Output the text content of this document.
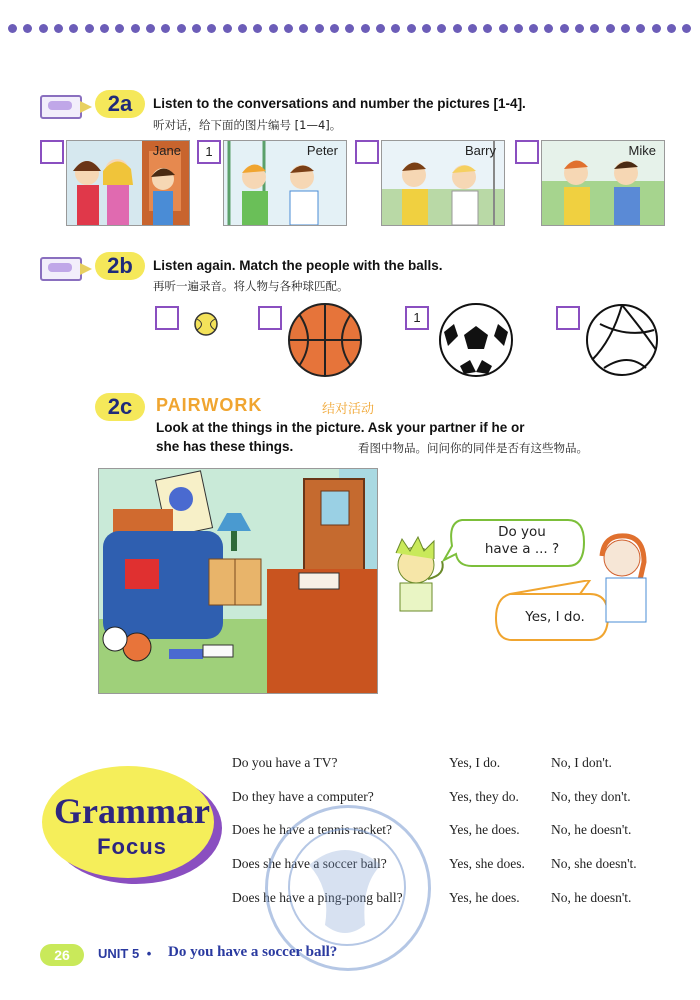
2a	Listen to the conversations and number the pictures [1-4].
听对话，给下面的图片编号 [1—4]。
Jane	1	Peter	Barry	Mike
2b	Listen again. Match the people with the balls.
再听一遍录音。将人物与各种球匹配。
1
2c	PAIRWORK	结对活动
Look at the things in the picture. Ask your partner if he or
she has these things.	看图中物品。问问你的同伴是否有这些物品。
Do you
have a ... ?
Yes, I do.
Grammar
Focus
Do you have a TV?	Yes, I do.	No, I don't.
Do they have a computer?	Yes, they do. No, they don't.
Does he have a tennis racket?	Yes, he does. No, he doesn't.
Does she have a soccer ball?	Yes, she does. No, she doesn't.
Does he have a ping-pong ball?	Yes, he does. No, he doesn't.
26	UNIT 5 • Do you have a soccer ball?
